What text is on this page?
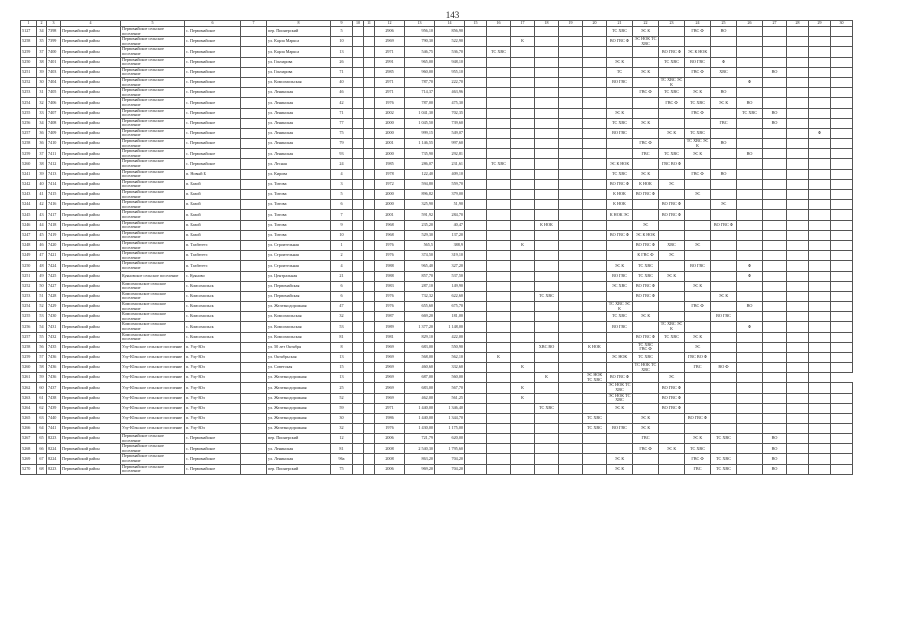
143
1	2	3	4	5	6	7	8	9	10	11	12	13	14	15	16	17	18	19	20	21	22	23	24	25	26	27	28	29	30
5127	34	7398	Первомайский район	Первомайское сельское поселение	с. Первомайское		пер. Пионерский	5			2906	956,10	856,90							ТС ХВС	ЭС К		ГВС Ф	ВО					
5258	35	7399	Первомайский район	Первомайское сельское поселение	с. Первомайское		ул. Карла Маркса	10			2969	790,30	522,90			К				ВО ГВС Ф	ЭС НОК ТС ХВС								
5259	37	7400	Первомайский район	Первомайское сельское поселение	с. Первомайское		ул. Карла Маркса	13			2971	546,75	536,70		ТС ХВС							ВО ГВС Ф	ЭС К НОК						
5250	38	7401	Первомайский район	Первомайское сельское поселение	с. Первомайское		ул. Гончарова	26			2991	965,00	948,10							ЭС К		ТС ХВС	ВО ГВС	Ф					
5251	39	7403	Первомайский район	Первомайское сельское поселение	с. Первомайское		ул. Гончарова	71			2985	960,00	955,10							ТС	ЭС К		ГВС Ф	ХВС		ВО			
5252	30	7404	Первомайский район	Первомайское сельское поселение	с. Первомайское		ул. Комсомольская	40			2971	787,70	222,70							ВО ГВС		ТС ХВС ЭС К			Ф				
5253	31	7405	Первомайский район	Первомайское сельское поселение	с. Первомайское		ул. Ленинская	46			2971	714,37	463,96								ГВС Ф	ТС ХВС	ЭС К	ВО					
5254	32	7406	Первомайский район	Первомайское сельское поселение	с. Первомайское		ул. Ленинская	42			1976	787,00	475,30									ГВС Ф	ТС ХВС	ЭС К	ВО				
5255	33	7407	Первомайский район	Первомайское сельское поселение	с. Первомайское		ул. Ленинская	71			2002	1 041,30	702,35							ЭС К			ГВС Ф		ТС ХВС	ВО			
5256	34	7408	Первомайский район	Первомайское сельское поселение	с. Первомайское		ул. Ленинская	77			2000	1 045,50	739,60							ТС ХВС	ЭС К			ГВС		ВО			
5257	36	7409	Первомайский район	Первомайское сельское поселение	с. Первомайское		ул. Ленинская	75			2000	999,15	549,07							ВО ГВС		ЭС К	ТС ХВС					Ф	
5258	36	7410	Первомайский район	Первомайское сельское поселение	с. Первомайское		ул. Ленинская	79			2001	1 146,55	997,60								ГВС Ф		ТС ХВС ЭС К	ВО					
5259	37	7411	Первомайский район	Первомайское сельское поселение	с. Первомайское		ул. Ленинская	93			2000	735,90	292,81								ГВС	ТС ХВС	ЭС К		ВО				
5260	38	7412	Первомайский район	Первомайское сельское поселение	с. Первомайское		ул. Лесная	24			1985	286,07	231,61		ТС ХВС					ЭС К НОК		ГВС ВО Ф							
5241	39	7413	Первомайский район	Первомайское сельское поселение	п. Новый Б		ул. Кирова	4			1978	122,40	409,10							ТС ХВС	ЭС К		ГВС Ф	ВО					
5242	40	7414	Первомайский район	Первомайское сельское поселение	п. Базой		ул. Титова	3			1972	594,80	559,70							ВО ГВС Ф	К НОК	ЭС							
5243	41	7415	Первомайский район	Первомайское сельское поселение	п. Базой		ул. Титова	5			2000	896,82	379,00							К НОК	ВО ГВС Ф		ЭС						
5244	42	7416	Первомайский район	Первомайское сельское поселение	п. Базой		ул. Титова	6			2000	325,90	51,90							К НОК		ВО ГВС Ф		ЭС					
5245	43	7417	Первомайский район	Первомайское сельское поселение	п. Базой		ул. Титова	7			2001	591,92	284,70							К НОК ЭС		ВО ГВС Ф							
5246	44	7418	Первомайский район	Первомайское сельское поселение	п. Базой		ул. Титова	9			1968	235,20	40,47				К НОК				ЭС			ВО ГВС Ф					
5247	45	7419	Первомайский район	Первомайское сельское поселение	п. Базой		ул. Титова	10			1968	529,30	137,20							ВО ГВС Ф	ЭС К НОК								
5248	46	7420	Первомайский район	Первомайское сельское поселение	п. Тахбегетс		ул. Строительная	1			1976	565,5	388,9			К					ВО ГВС Ф	ХВС	ЭС						
5249	47	7421	Первомайский район	Первомайское сельское поселение	п. Тахбегетс		ул. Строительная	2			1976	374,50	319,10								К ГВС Ф	ЭС							
5250	48	7424	Первомайский район	Первомайское сельское поселение	п. Тахбегетс		ул. Строительная	4			1988	965,40	327,20							ЭС К	ТС ХВС		ВО ГВС		Ф				
5251	49	7425	Первомайский район	Куяновское сельское поселение	с. Куяново		ул. Центральная	21			1988	857,70	537,50							ВО ГВС	ТС ХВС	ЭС К			Ф				
5252	50	7427	Первомайский район	Комсомольское сельское поселение	с. Комсомольск		ул. Первомайская	6			1983	287,10	149,90							ЭС ХВС	ВО ГВС Ф		ЭС К						
5253	51	7428	Первомайский район	Комсомольское сельское поселение	с. Комсомольск		ул. Первомайская	6			1976	732,32	622,60				ТС ХВС				ВО ГВС Ф			ЭС К					
5254	52	7429	Первомайский район	Комсомольское сельское поселение	с. Комсомольск		ул. Железнодорожная	47			1976	655,60	675,70							ТС ХВС ЭС К			ГВС Ф		ВО				
5255	53	7430	Первомайский район	Комсомольское сельское поселение	с. Комсомольск		ул. Комсомольская	32			1987	669,20	181,00							ТС ХВС	ЭС К			ВО ГВС					
5256	54	7431	Первомайский район	Комсомольское сельское поселение	с. Комсомольск		ул. Комсомольская	53			1989	1 377,20	1 148,00							ВО ГВС		ТС ХВС ЭС К			Ф				
5257	55	7432	Первомайский район	Комсомольское сельское поселение	с. Комсомольск		ул. Комсомольская	81			1981	829,10	422,00								ВО ГВС Ф	ТС ХВС	ЭС К						
5258	56	7435	Первомайский район	Улу-Юльское сельское поселение	п. Улу-Юл		ул. 50 лет Октября	8			1969	683,00	550,90				ХВС ВО		К НОК		ТС ХВС ГВС Ф		ЭС						
5259	57	7436	Первомайский район	Улу-Юльское сельское поселение	п. Улу-Юл		ул. Октябрьская	13			1969	568,00	562,10		К					ЭС НОК	ТС ХВС		ГВС ВО Ф						
5260	58	7436	Первомайский район	Улу-Юльское сельское поселение	п. Улу-Юл		ул. Советская	15			2969	460,60	332,60			К					ТС НОК ТС ХВС		ГВС	ВО Ф					
5261	59	7436	Первомайский район	Улу-Юльское сельское поселение	п. Улу-Юл		ул. Железнодорожная	13			2969	687,00	560,00				К		ЭС НОК ТС ХВС	ВО ГВС Ф		ЭС							
5262	60	7437	Первомайский район	Улу-Юльское сельское поселение	п. Улу-Юл		ул. Железнодорожная	25			2969	683,00	567,70			К				ЭС НОК ТС ХВС		ВО ГВС Ф							
5263	61	7438	Первомайский район	Улу-Юльское сельское поселение	п. Улу-Юл		ул. Железнодорожная	52			1969	462,00	561,25			К				ЭС НОК ТС ХВС		ВО ГВС Ф							
5264	62	7439	Первомайский район	Улу-Юльское сельское поселение	п. Улу-Юл		ул. Железнодорожная	59			2971	1 440,00	1 346,40				ТС ХВС			ЭС К		ВО ГВС Ф							
5265	63	7440	Первомайский район	Улу-Юльское сельское поселение	п. Улу-Юл		ул. Железнодорожная	30			1986	1 440,00	1 344,70						ТС ХВС		ЭС К		ВО ГВС Ф						
5266	64	7441	Первомайский район	Улу-Юльское сельское поселение	п. Улу-Юл		ул. Железнодорожная	32			1976	1 430,00	1 175,00						ТС ХВС	ВО ГВС	ЭС К								
5267	65	8223	Первомайский район	Первомайское сельское поселение	с. Первомайское		пер. Пионерский	12			2006	721,79	620,00								ГВС		ЭС К	ТС ХВС		ВО			
5268	66	8224	Первомайский район	Первомайское сельское поселение	с. Первомайское		ул. Ленинская	81			2008	2 540,30	1 795,60								ГВС Ф	ЭС К	ТС ХВС			ВО			
5269	67	8224	Первомайский район	Первомайское сельское поселение	с. Первомайское		ул. Ленинская	96а			2008	863,20	704,20							ЭС К			ГВС Ф	ТС ХВС		ВО			
5270	68	8223	Первомайский район	Первомайское сельское поселение	с. Первомайское		пер. Пионерский	75			2006	969,20	704,20							ЭС К			ГВС	ТС ХВС		ВО			
